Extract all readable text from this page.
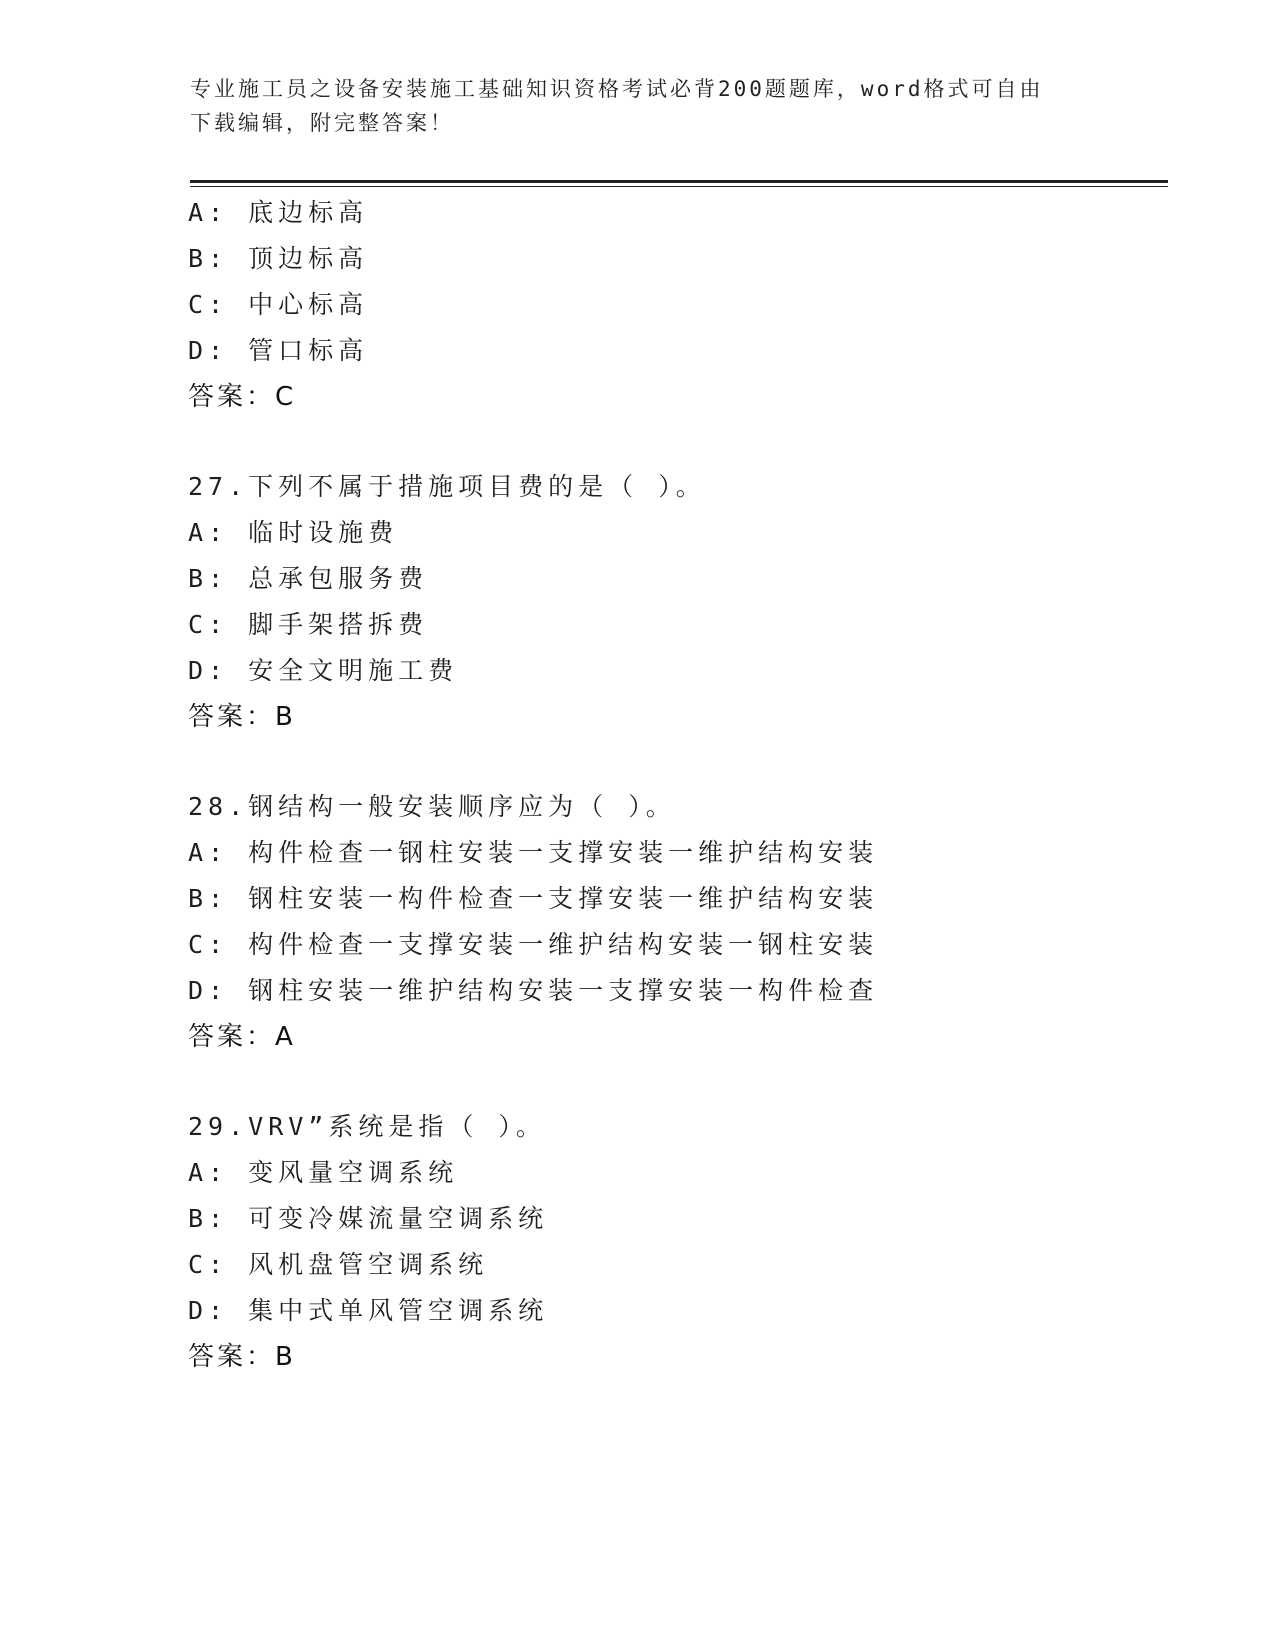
专业施工员之设备安装施工基础知识资格考试必背200题题库，word格式可自由
下载编辑，附完整答案！
A: 底边标高
B: 顶边标高
C: 中心标高
D: 管口标高
答案：C
27.下列不属于措施项目费的是（ ）。
A: 临时设施费
B: 总承包服务费
C: 脚手架搭拆费
D: 安全文明施工费
答案：B
28.钢结构一般安装顺序应为（ ）。
A: 构件检查一钢柱安装一支撑安装一维护结构安装
B: 钢柱安装一构件检查一支撑安装一维护结构安装
C: 构件检查一支撑安装一维护结构安装一钢柱安装
D: 钢柱安装一维护结构安装一支撑安装一构件检查
答案：A
29.VRV”系统是指（ ）。
A: 变风量空调系统
B: 可变冷媒流量空调系统
C: 风机盘管空调系统
D: 集中式单风管空调系统
答案：B
